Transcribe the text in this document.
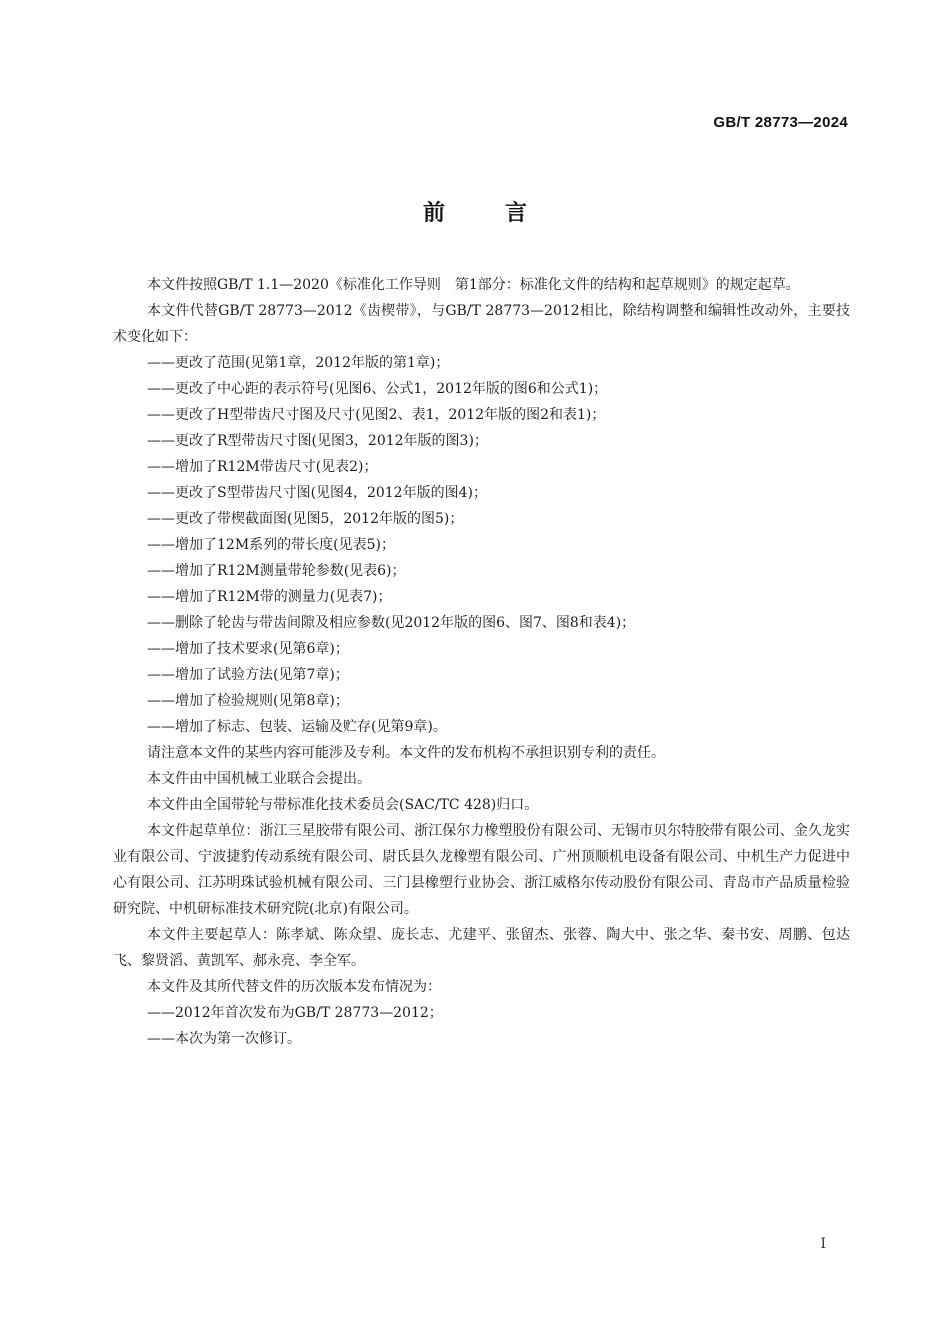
GB/T 28773—2024
前言

本文件按照GB/T 1.1—2020《标准化工作导则　第1部分：标准化文件的结构和起草规则》的规定起草。

本文件代替GB/T 28773—2012《齿楔带》，与GB/T 28773—2012相比，除结构调整和编辑性改动外，主要技术变化如下：

——更改了范围(见第1章，2012年版的第1章)；

——更改了中心距的表示符号(见图6、公式1，2012年版的图6和公式1)；

——更改了H型带齿尺寸图及尺寸(见图2、表1，2012年版的图2和表1)；

——更改了R型带齿尺寸图(见图3，2012年版的图3)；

——增加了R12M带齿尺寸(见表2)；

——更改了S型带齿尺寸图(见图4，2012年版的图4)；

——更改了带楔截面图(见图5，2012年版的图5)；

——增加了12M系列的带长度(见表5)；

——增加了R12M测量带轮参数(见表6)；

——增加了R12M带的测量力(见表7)；

——删除了轮齿与带齿间隙及相应参数(见2012年版的图6、图7、图8和表4)；

——增加了技术要求(见第6章)；

——增加了试验方法(见第7章)；

——增加了检验规则(见第8章)；

——增加了标志、包装、运输及贮存(见第9章)。

请注意本文件的某些内容可能涉及专利。本文件的发布机构不承担识别专利的责任。

本文件由中国机械工业联合会提出。

本文件由全国带轮与带标准化技术委员会(SAC/TC 428)归口。

本文件起草单位：浙江三星胶带有限公司、浙江保尔力橡塑股份有限公司、无锡市贝尔特胶带有限公司、金久龙实业有限公司、宁波捷豹传动系统有限公司、尉氏县久龙橡塑有限公司、广州顶顺机电设备有限公司、中机生产力促进中心有限公司、江苏明珠试验机械有限公司、三门县橡塑行业协会、浙江威格尔传动股份有限公司、青岛市产品质量检验研究院、中机研标准技术研究院(北京)有限公司。

本文件主要起草人：陈孝斌、陈众望、庞长志、尤建平、张留杰、张蓉、陶大中、张之华、秦书安、周鹏、包达飞、黎贤滔、黄凯军、郝永亮、李全军。

本文件及其所代替文件的历次版本发布情况为：

——2012年首次发布为GB/T 28773—2012；

——本次为第一次修订。

I
